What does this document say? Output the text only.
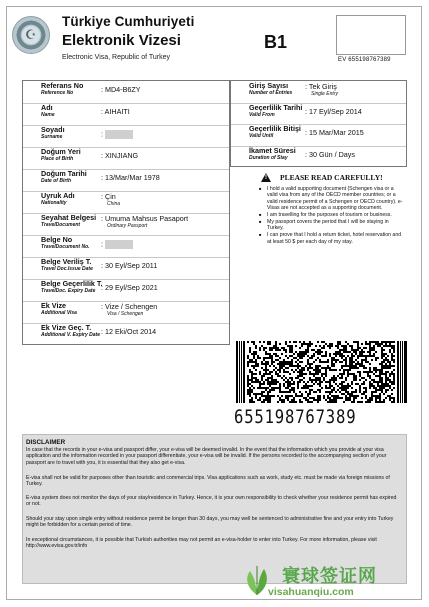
☪
Türkiye Cumhuriyeti
Elektronik Vizesi
Electronic Visa, Republic of Turkey
B1
EV 655198767389
Referans No
Reference No	: MD4-B6ZY
Adı
Name	: AIHAITI
Soyadı
Surname	:
Doğum Yeri
Place of Birth	: XINJIANG
Doğum Tarihi
Date of Birth	: 13/Mar/Mar 1978
Uyruk Adı
Nationality
: Çin
China
Seyahat Belgesi
TravelDocument
: Umuma Mahsus Pasaport
Ordinary Passport
Belge No
TravelDocument No. :
Belge Veriliş T.
Travel Doc.Issue Date : 30 Eyl/Sep 2011
Belge Geçerlilik T.
TravelDoc. Expiry Date : 29 Eyl/Sep 2021
Ek Vize
Additional Visa
: Vize / Schengen
Visa / Schengen
Ek Vize Geç. T.
Additional V. Expiry Date : 12 Eki/Oct 2014
Giriş Sayısı
Number of Entries
: Tek Giriş
Single Entry
Geçerlilik Tarihi
Valid From	: 17 Eyl/Sep 2014
Geçerlilik Bitişi
Valid Until	: 15 Mar/Mar 2015
İkamet Süresi
Duration of Stay	: 30 Gün / Days
! PLEASE READ CAREFULLY!
■ I hold a valid supporting document (Schengen visa or a valid visa from any of the OECD member countries; or a valid residence permit of a Schengen or OECD country). e-Visas are not accepted as a supporting document.
■ I am travelling for the purposes of tourism or business.
■ My passport covers the period that I will be staying in Turkey.
■ I can prove that I hold a return ticket, hotel reservation and at least 50 $ per each day of my stay.
655198767389
DISCLAIMER

In case that the records in your e-visa and passport differ, your e-visa will be deemed invalid. In the event that the information which you provide at your visa application and the information recorded in your passport differentiate, your e-visa will be invalid. If the persons recorded to the accompanying section of your passport are to travel with you, it is essential that they also get e-visa.

E-visa shall not be valid for purposes other than touristic and commercial trips. Visa applications such as work, study etc. must be made via foreign missions of Turkey.

E-visa system does not monitor the days of your stay/residence in Turkey. Hence, it is your own responsibility to check whether your residence permit has expired or not.

Should your stay upon single entry without residence permit be longer than 30 days, you may well be sentenced to administrative fine and your entry into Turkey might be forbidden for a certain period of time.

In exceptional circumstances, it is possible that Turkish authorities may not permit an e-visa-holder to enter into Turkey. For more information, please visit http://www.evisa.gov.tr/info

寰球签证网
visahuanqiu.com
